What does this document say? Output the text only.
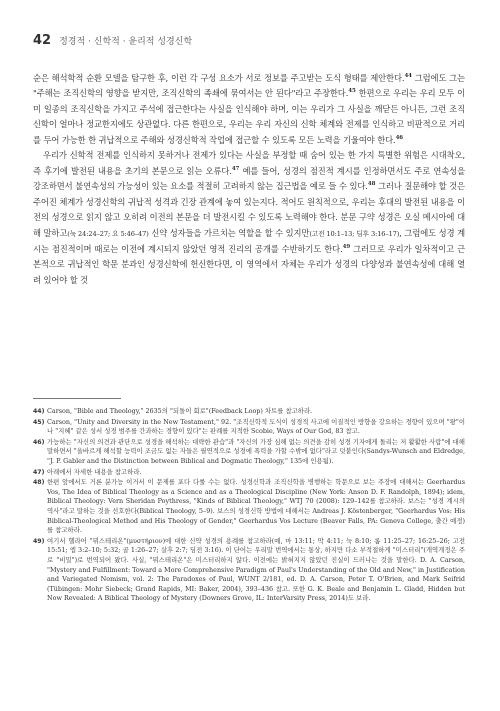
42 정경적 · 신학적 · 윤리적 성경신학

순은 해석학적 순환 모델을 탐구한 후, 이런 각 구성 요소가 서로 정보를 주고받는 도식 형태를 제안한다.$^{44}$ 그럼에도 그는 "주해는 조직신학의 영향을 받지만, 조직신학의 족쇄에 묶여서는 안 된다"라고 주장한다.$^{45}$ 한편으로 우리는 우리 모두 이미 일종의 조직신학을 가지고 주석에 접근한다는 사실을 인식해야 하며, 이는 우리가 그 사실을 깨닫든 아니든, 그런 조직신학이 얼마나 정교한지에도 상관없다. 다른 한편으로, 우리는 우리 자신의 신학 체계와 전제를 인식하고 비판적으로 거리를 두어 가능한 한 귀납적으로 주해와 성경신학적 작업에 접근할 수 있도록 모든 노력을 기울여야 한다.$^{46}$

우리가 신학적 전제를 인식하지 못하거나 전제가 있다는 사실을 부정할 때 숨어 있는 한 가지 특별한 위험은 시대착오, 즉 후기에 발전된 내용을 초기의 본문으로 읽는 오류다.$^{47}$ 예를 들어, 성경의 점진적 계시를 인정하면서도 주로 연속성을 강조하면서 불연속성의 가능성이 있는 요소를 적절히 고려하지 않는 집근법을 예로 들 수 있다.$^{48}$ 그러나 질문해야 할 것은 주어진 체계가 성경신학의 귀납적 성격과 긴장 관계에 놓여 있는지다. 적어도 원칙적으로, 우리는 후대의 발전된 내용을 이전의 성경으로 읽지 않고 오히려 이전의 본문을 더 발전시킬 수 있도록 노력해야 한다. 분문 구약 성경은 오실 메시아에 대해 말하고(눅 24:24–27; 요 5:46–47) 신약 성자들을 가르치는 역할을 할 수 있지만(고전 10:1–13; 딤후 3:16–17), 그럼에도 성경 계시는 점진적이며 때로는 이전에 계시되지 않았던 영적 진리의 공개를 수반하기도 한다.$^{49}$ 그러므로 우리가 일차적이고 근본적으로 귀납적인 학문 분과인 성경신학에 헌신한다면, 이 영역에서 자체는 우리가 성경의 다양성과 불연속성에 대해 열려 있어야 할 것

44) Carson, "Bible and Theology," 2635의 "되돌이 회로"(Feedback Loop) 차트를 참고하라.
45) Carson, "Unity and Diversity in the New Testament," 92. "조직신학적 도식이 성경적 사고에 이질적인 방향을 강요하는 경향이 있으며 "왕"이나 "지혜" 같은 성서 성경 범주를 간과하는 경향이 있다"는 판례를 지적한 Scobie, Ways of Our God, 83 참고.
46) 가능하는 "자신의 의견과 관단으로 성경을 해석하는 대략한 관습"과 "자신의 가장 심해 없는 의견을 감히 성경 기자에게 돌리는 저 활활한 사람"에 대해 말하면서 "올바르게 해석할 능력이 조금도 없는 자들은 필연적으로 성경에 폭력을 가할 수밖에 없다"라고 덧붙인다(Sandys-Wunsch and Eldredge, "J. P. Gabler and the Distinction between Biblical and Dogmatic Theology," 135에 인용됨).
47) 아래에서 자세한 내용을 참고하라.
48) 한편 앞에서도 거론 분가능 이거서 이 문제를 포다 다룰 수는 없다. 성경신학과 조직신학을 병행하는 학문으로 보는 주장에 대해서는 Geerhardus Vos, The Idea of Biblical Theology as a Science and as a Theological Discipline (New York: Anson D. F. Randolph, 1894); idem, Biblical Theology: Vern Sheridan Poythress, "Kinds of Biblical Theology," WTJ 70 (2008): 129–142를 참고하라. 보스는 "성경 계시의 역사"라고 말하는 것을 선호한다(Biblical Theology, 5–9). 보스의 성경신학 방법에 대해서는 Andreas J. Köstenberger, "Geerhardus Vos: His Biblical-Theological Method and His Theology of Gender," Geerhardus Vos Lecture (Beaver Falls, PA: Geneva College, 출간 예정)를 참고하라.
49) 여기서 헬라어 "뮈스테리온"(μυστήριον)에 대한 신약 성경의 용례를 참고하라(예, 마 13:11; 막 4:11; 눅 8:10; 롬 11:25–27; 16:25–26; 고전 15:51; 엡 3:2–10; 5:32; 골 1:26–27; 살후 2:7; 딤전 3:16). 이 단어는 우리말 번역에서는 통상, 하지만 다소 부적절하게 "미스터리"(개역개정은 주로 "비밀")로 번역되어 왔다. 사실, "뮈스테리온"은 미스터리하지 않다. 이전에는 밝혀지지 않았던 진실이 드러나는 것을 말한다. D. A. Carson, "Mystery and Fulfillment: Toward a More Comprehensive Paradigm of Paul's Understanding of the Old and New," in Justification and Variegated Nomism, vol. 2: The Paradoxes of Paul, WUNT 2/181, ed. D. A. Carson, Peter T. O'Brien, and Mark Seifrid (Tübingen: Mohr Siebeck; Grand Rapids, MI: Baker, 2004), 393–436 참고. 또한 G. K. Beale and Benjamin L. Gladd, Hidden but Now Revealed: A Biblical Theology of Mystery (Downers Grove, IL: InterVarsity Press, 2014)도 보라.
